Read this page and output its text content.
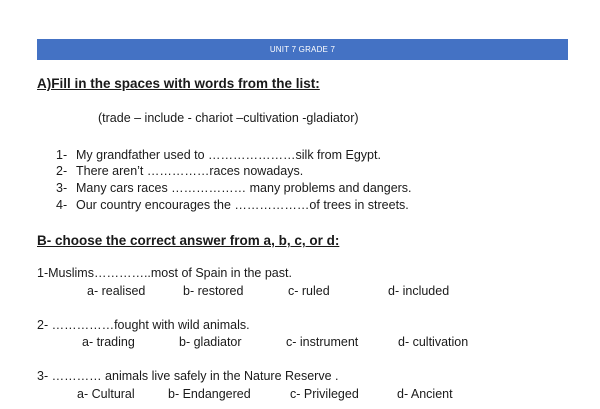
UNIT 7 GRADE 7
A)Fill in the spaces with words from the list:
(trade – include - chariot –cultivation -gladiator)
1- My grandfather used to …………………silk from Egypt.
2- There aren’t ……………races nowadays.
3- Many cars races ……………… many problems and dangers.
4- Our country encourages the ………………of trees in streets.
B- choose the correct answer from a, b, c, or d:
1-Muslims…………..most of Spain in the past.
a- realised	b- restored	c- ruled	d- included
2- ……………fought with wild animals.
a- trading	b- gladiator	c- instrument	d- cultivation
3- ………… animals live safely in the Nature Reserve .
a- Cultural	b- Endangered	c- Privileged	d- Ancient
